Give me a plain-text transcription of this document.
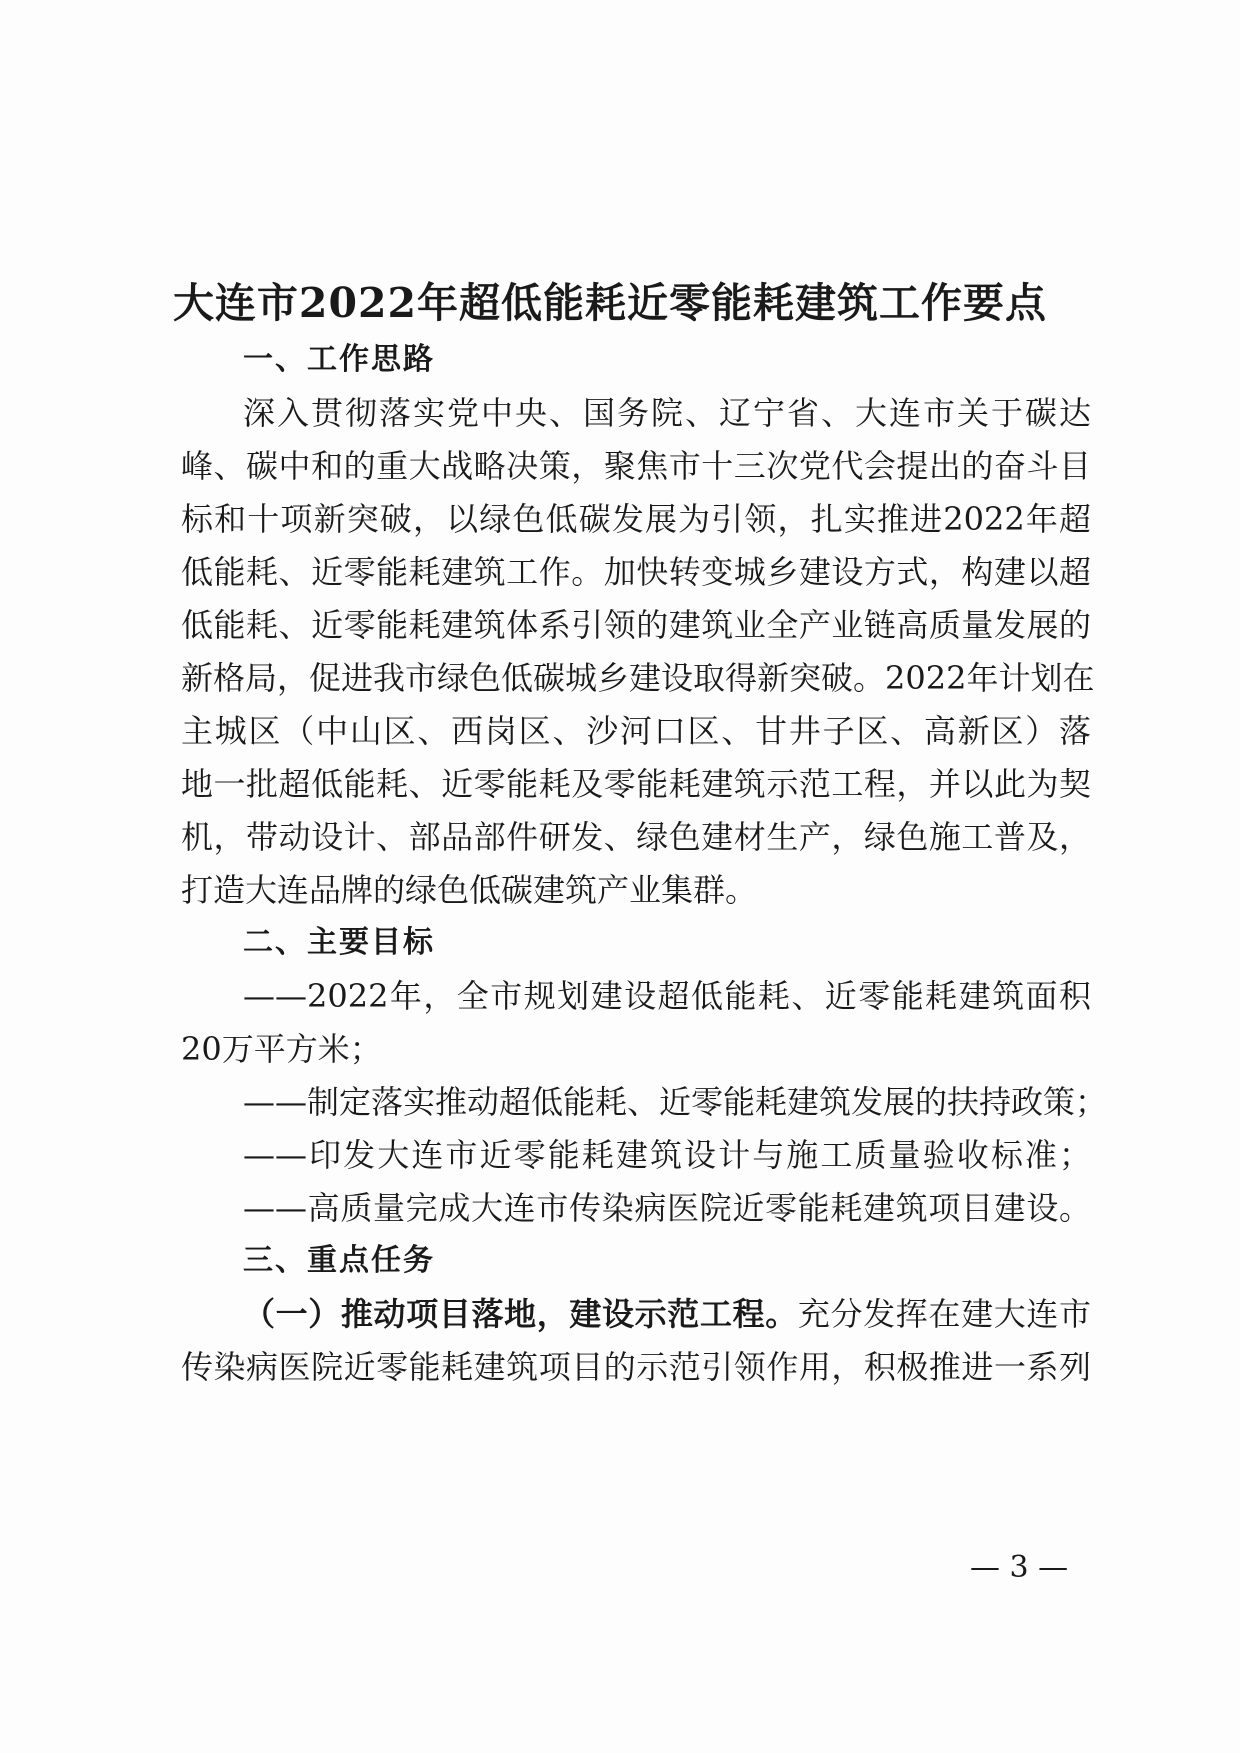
大连市2022年超低能耗近零能耗建筑工作要点
一、工作思路
深入贯彻落实党中央、国务院、辽宁省、大连市关于碳达
峰、碳中和的重大战略决策，聚焦市十三次党代会提出的奋斗目
标和十项新突破，以绿色低碳发展为引领，扎实推进2022年超
低能耗、近零能耗建筑工作。加快转变城乡建设方式，构建以超
低能耗、近零能耗建筑体系引领的建筑业全产业链高质量发展的
新格局，促进我市绿色低碳城乡建设取得新突破。2022年计划在
主城区（中山区、西岗区、沙河口区、甘井子区、高新区）落
地一批超低能耗、近零能耗及零能耗建筑示范工程，并以此为契
机，带动设计、部品部件研发、绿色建材生产，绿色施工普及，
打造大连品牌的绿色低碳建筑产业集群。
二、主要目标
——2022年，全市规划建设超低能耗、近零能耗建筑面积
20万平方米；
——制定落实推动超低能耗、近零能耗建筑发展的扶持政策；
——印发大连市近零能耗建筑设计与施工质量验收标准；
——高质量完成大连市传染病医院近零能耗建筑项目建设。
三、重点任务
（一）推动项目落地，建设示范工程。充分发挥在建大连市
传染病医院近零能耗建筑项目的示范引领作用，积极推进一系列
— 3 —
